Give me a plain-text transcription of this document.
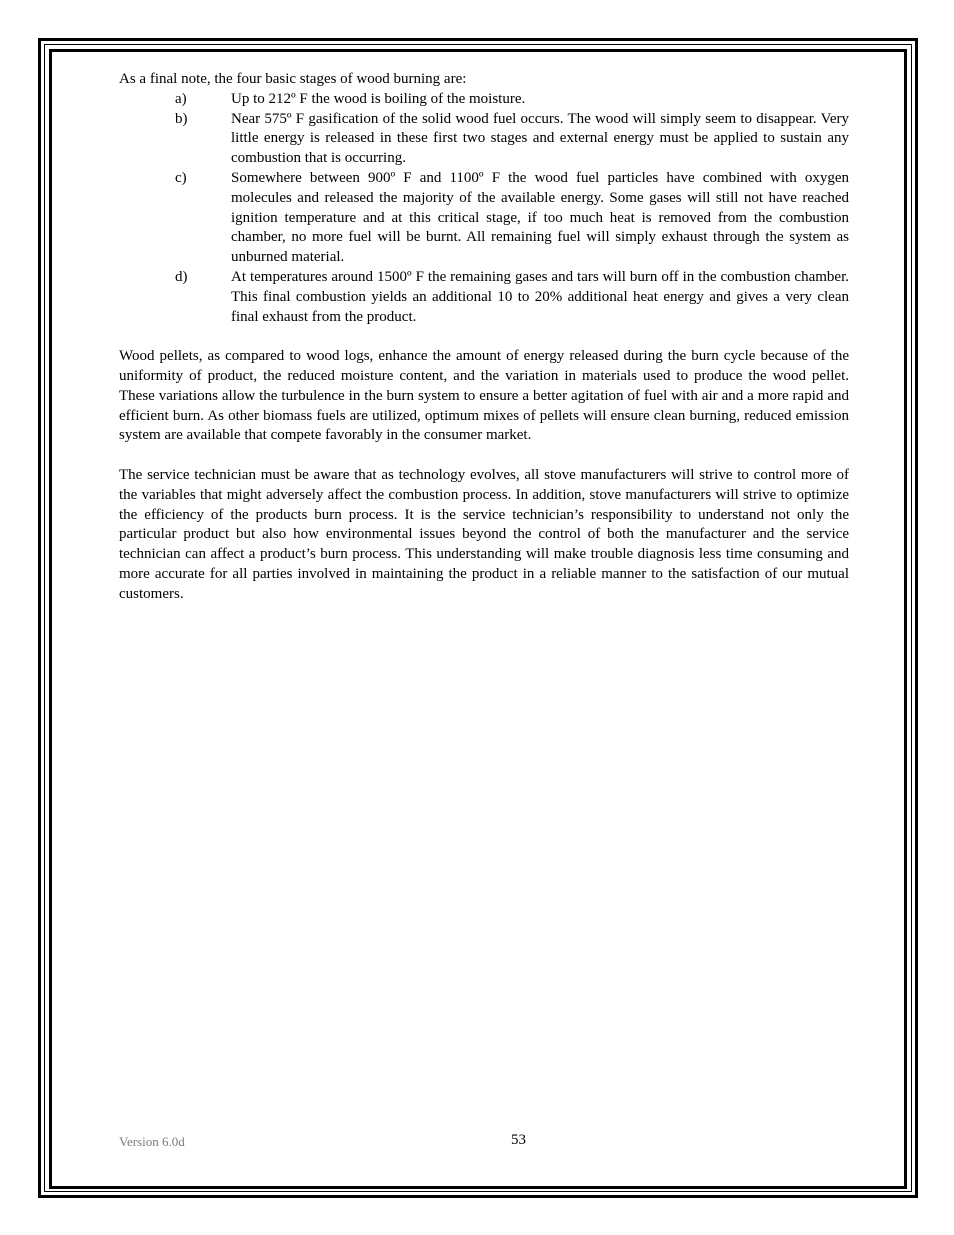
As a final note, the four basic stages of wood burning are:

a)	Up to 212º F the wood is boiling of the moisture.

b)	Near 575º F gasification of the solid wood fuel occurs. The wood will simply seem to disappear. Very little energy is released in these first two stages and external energy must be applied to sustain any combustion that is occurring.

c)	Somewhere between 900º F and 1100º F the wood fuel particles have combined with oxygen molecules and released the majority of the available energy. Some gases will still not have reached ignition temperature and at this critical stage, if too much heat is removed from the combustion chamber, no more fuel will be burnt. All remaining fuel will simply exhaust through the system as unburned material.

d)	At temperatures around 1500º F the remaining gases and tars will burn off in the combustion chamber. This final combustion yields an additional 10 to 20% additional heat energy and gives a very clean final exhaust from the product.

Wood pellets, as compared to wood logs, enhance the amount of energy released during the burn cycle because of the uniformity of product, the reduced moisture content, and the variation in materials used to produce the wood pellet. These variations allow the turbulence in the burn system to ensure a better agitation of fuel with air and a more rapid and efficient burn. As other biomass fuels are utilized, optimum mixes of pellets will ensure clean burning, reduced emission system are available that compete favorably in the consumer market.

The service technician must be aware that as technology evolves, all stove manufacturers will strive to control more of the variables that might adversely affect the combustion process. In addition, stove manufacturers will strive to optimize the efficiency of the products burn process. It is the service technician’s responsibility to understand not only the particular product but also how environmental issues beyond the control of both the manufacturer and the service technician can affect a product’s burn process. This understanding will make trouble diagnosis less time consuming and more accurate for all parties involved in maintaining the product in a reliable manner to the satisfaction of our mutual customers.

Version 6.0d	53
